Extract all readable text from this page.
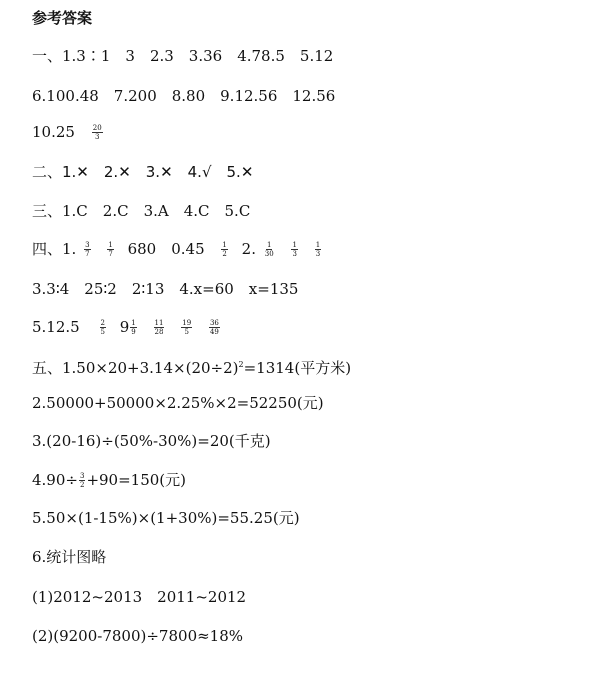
参考答案
一、1.3∶1　3　2.3　3.36　4.78.5　5.12
6.100.48　7.200　8.80　9.12.56　12.56
$10.25 \frac{20}{3}$
二、1.✕　2.✕　3.✕　4.√　5.✕
三、1.C　2.C　3.A　4.C　5.C
四、1. $\frac{3}{7}$
$\frac{1}{7} 680$　$0.45 \frac{1}{2} 2$. $\frac{1}{30}$
$\frac{1}{3}$
$\frac{1}{3}$
3.3∶4　25∶2　2∶13　4.x=60　x=135
5.12.5	$\frac{2}{5}$
$9 \frac{1}{9}$
$\frac{11}{28}$
$\frac{19}{5}$
$\frac{36}{49}$
五、$1.50\times 20+3.14\times(20\div 2)^2=1314$(平方米)
2.50000+50000×2.25%×2=52250(元)
3.(20-16)÷(50%-30%)=20(千克)
$4.90\div \frac{3}{2} +90=150$(元)
5.50×(1-15%)×(1+30%)=55.25(元)
6.统计图略
(1)2012~2013　2011~2012
(2)(9200-7800)÷7800≈18%
